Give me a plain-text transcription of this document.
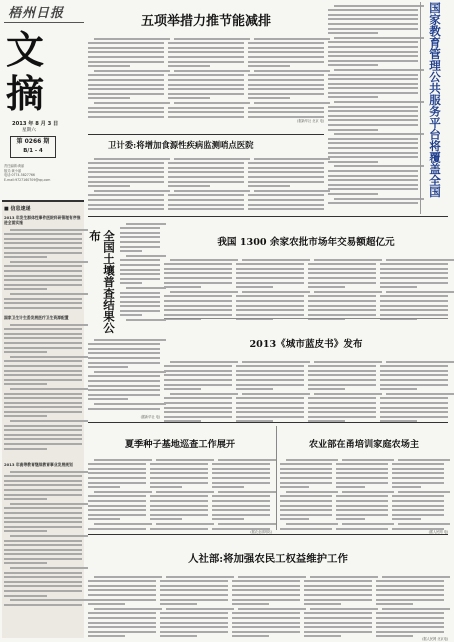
梧州日报
文摘
2013 年 8 月 3 日
星期六
第 0266 期
B/1 - 4
责任编辑:黄丽
版式:黄小丽
电话:0774-5827766
E-mail:9727160709@qq.com
■ 信息速递
2013 年发生群体性事件医院科研管理有序推进全面实施
国家卫生计生委发展医疗卫生资源配置
2013 年高等教育继续教育事业发展规划
五项举措力推节能减排
(据新华社 北京 电)	国家教育管理公共服务平台将覆盖全国
卫计委:将增加食源性疾病监测哨点医院
全国土壤普查结果公布
(据新华社 电)
我国 1300 余家农批市场年交易额超亿元
2013《城市蓝皮书》发布
夏季种子基地巡查工作展开
(据农业部网站)
农业部在甬培训家庭农场主
(据人民网 电)
人社部:将加强农民工权益维护工作
(据人民网 北京电)
